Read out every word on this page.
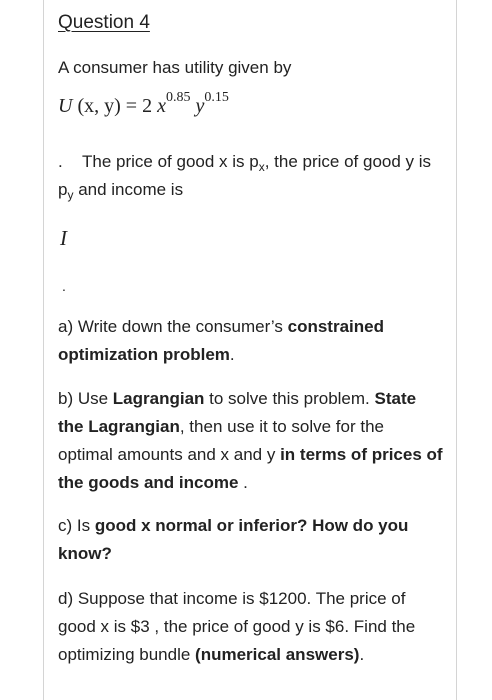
Question 4
A consumer has utility given by
U (x, y) = 2 $x^{0.85}$ $y^{0.15}$
. The price of good x is $p_x$, the price of good y is $p_y$ and income is
I
.
a) Write down the consumer’s constrained optimization problem.
b) Use Lagrangian to solve this problem. State the Lagrangian, then use it to solve for the optimal amounts and x and y in terms of prices of the goods and income .
c) Is good x normal or inferior? How do you know?
d) Suppose that income is $1200. The price of good x is $3 , the price of good y is $6. Find the optimizing bundle (numerical answers).
